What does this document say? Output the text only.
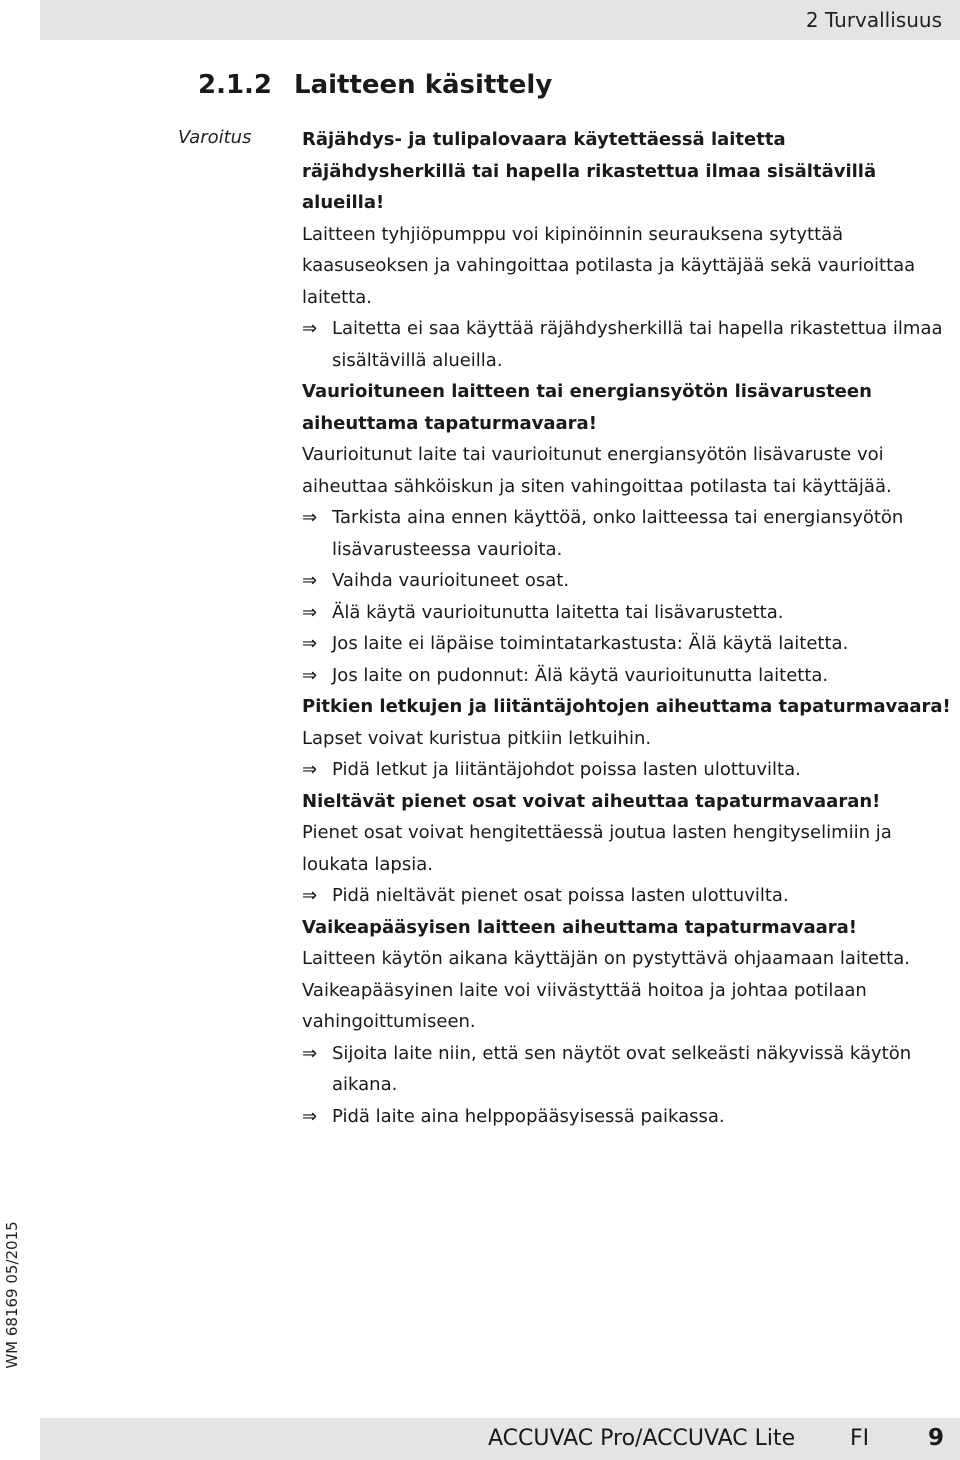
2 Turvallisuus
2.1.2 Laitteen käsittely
Varoitus	Räjähdys- ja tulipalovaara käytettäessä laitetta räjähdysherkillä tai hapella rikastettua ilmaa sisältävillä alueilla!

Laitteen tyhjiöpumppu voi kipinöinnin seurauksena sytyttää kaasuseoksen ja vahingoittaa potilasta ja käyttäjää sekä vaurioittaa laitetta.

⇒ Laitetta ei saa käyttää räjähdysherkillä tai hapella rikastettua ilmaa sisältävillä alueilla.

Vaurioituneen laitteen tai energiansyötön lisävarusteen aiheuttama tapaturmavaara!

Vaurioitunut laite tai vaurioitunut energiansyötön lisävaruste voi aiheuttaa sähköiskun ja siten vahingoittaa potilasta tai käyttäjää.

⇒ Tarkista aina ennen käyttöä, onko laitteessa tai energiansyötön lisävarusteessa vaurioita.

⇒ Vaihda vaurioituneet osat.

⇒ Älä käytä vaurioitunutta laitetta tai lisävarustetta.

⇒ Jos laite ei läpäise toimintatarkastusta: Älä käytä laitetta.

⇒ Jos laite on pudonnut: Älä käytä vaurioitunutta laitetta.

Pitkien letkujen ja liitäntäjohtojen aiheuttama tapaturmavaara!

Lapset voivat kuristua pitkiin letkuihin.

⇒ Pidä letkut ja liitäntäjohdot poissa lasten ulottuvilta.

Nieltävät pienet osat voivat aiheuttaa tapaturmavaaran!

Pienet osat voivat hengitettäessä joutua lasten hengityselimiin ja loukata lapsia.

⇒ Pidä nieltävät pienet osat poissa lasten ulottuvilta.

Vaikeapääsyisen laitteen aiheuttama tapaturmavaara!

Laitteen käytön aikana käyttäjän on pystyttävä ohjaamaan laitetta.

Vaikeapääsyinen laite voi viivästyttää hoitoa ja johtaa potilaan vahingoittumiseen.

⇒ Sijoita laite niin, että sen näytöt ovat selkeästi näkyvissä käytön aikana.

⇒ Pidä laite aina helppopääsyisessä paikassa.

WM 68169 05/2015
ACCUVAC Pro/ACCUVAC Lite FI	9
